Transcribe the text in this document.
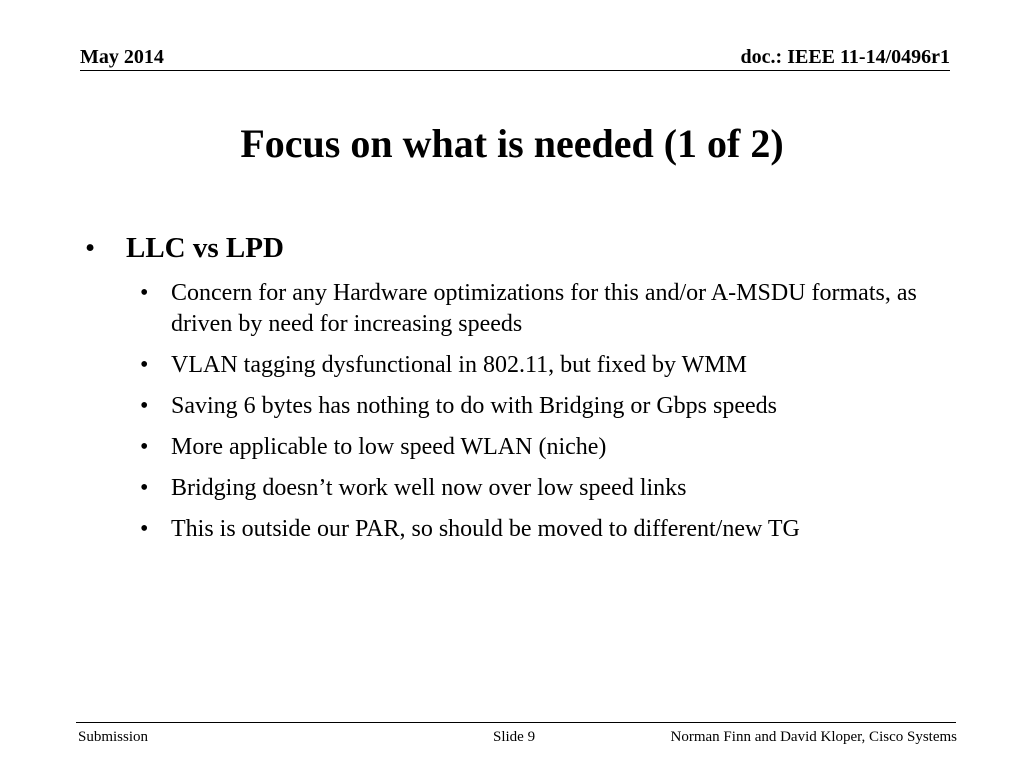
May 2014	doc.: IEEE 11-14/0496r1
Focus on what is needed (1 of 2)
• LLC vs LPD
• Concern for any Hardware optimizations for this and/or A-MSDU formats, as driven by need for increasing speeds
• VLAN tagging dysfunctional in 802.11, but fixed by WMM
• Saving 6 bytes has nothing to do with Bridging or Gbps speeds
• More applicable to low speed WLAN (niche)
• Bridging doesn’t work well now over low speed links
• This is outside our PAR, so should be moved to different/new TG
Submission	Slide 9	Norman Finn and David Kloper, Cisco Systems
